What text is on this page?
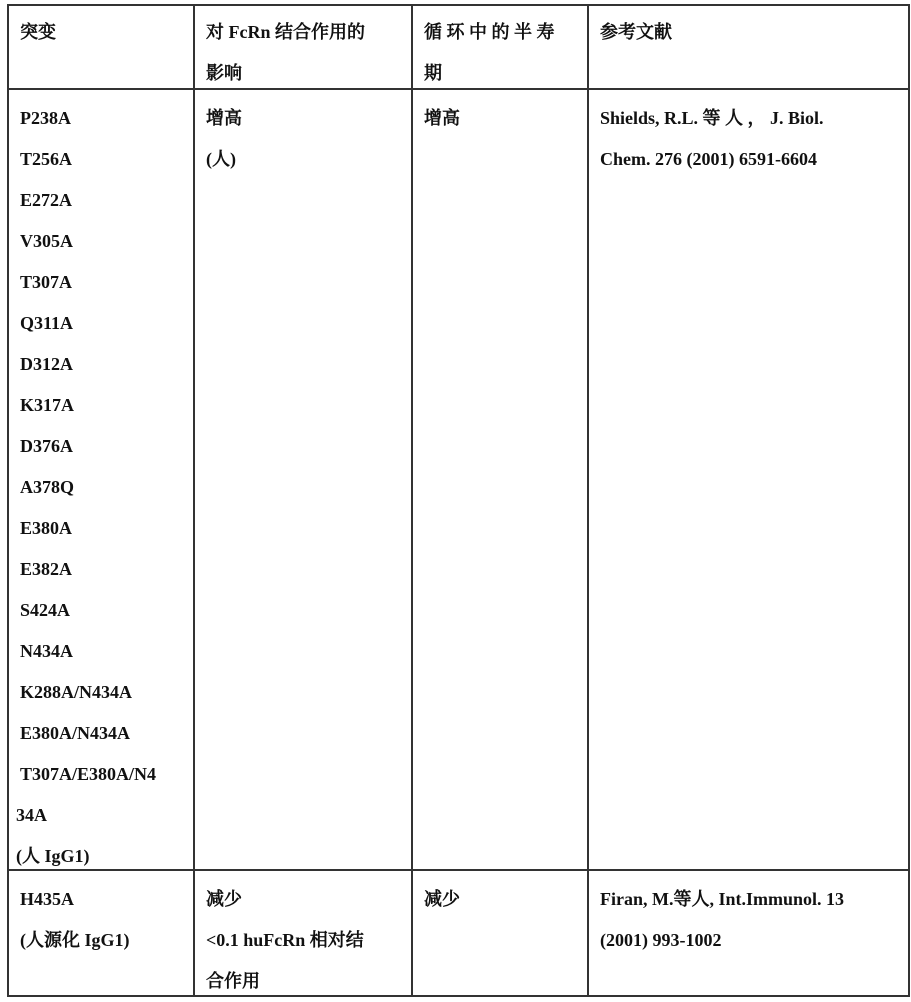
突变	对 FcRn 结合作用的
影响

循 环 中 的 半 寿
期

参考文献

P238A
T256A
E272A
V305A
T307A
Q311A
D312A
K317A
D376A
A378Q
E380A
E382A
S424A
N434A
K288A/N434A
E380A/N434A
T307A/E380A/N4
34A
(人 IgG1)

增高
(人)

增高	Shields, R.L. 等 人 ， J. Biol.
Chem. 276 (2001) 6591-6604

H435A
(人源化 IgG1)

减少
<0.1 huFcRn 相对结
合作用

减少	Firan, M.等人, Int.Immunol. 13
(2001) 993-1002
